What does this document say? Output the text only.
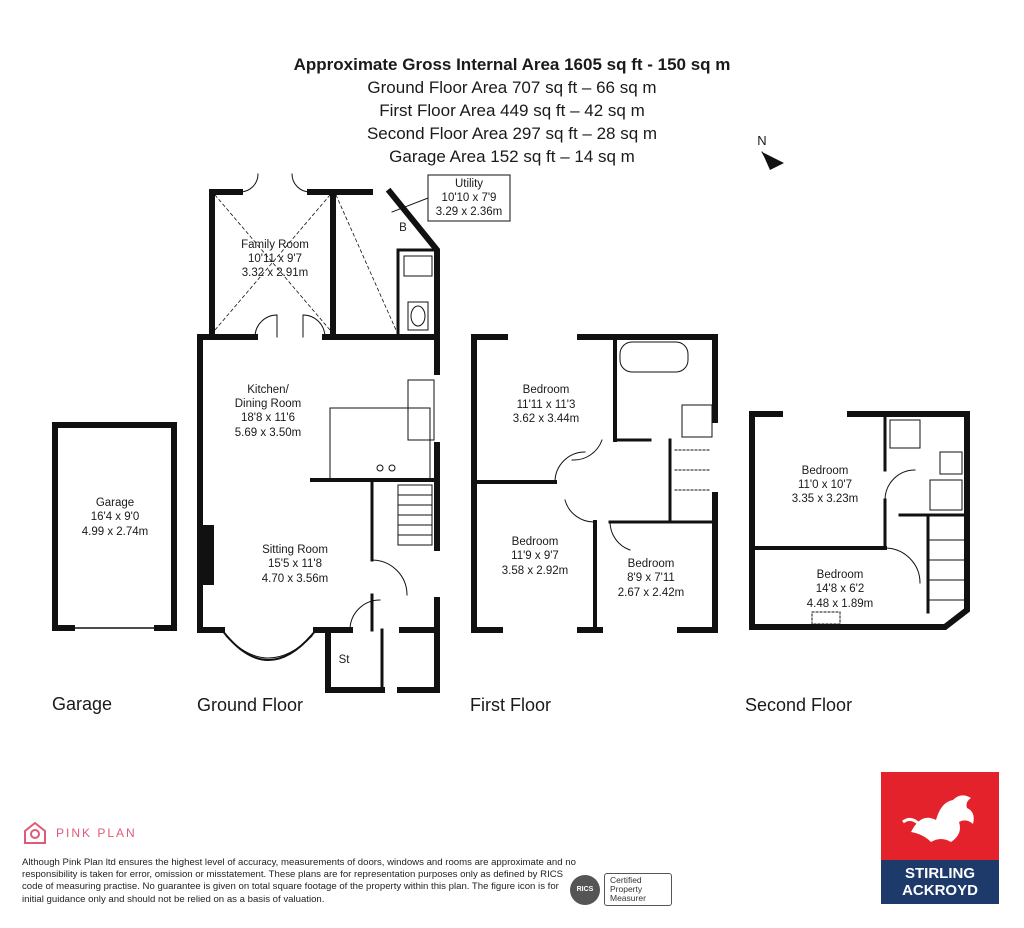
Approximate Gross Internal Area 1605 sq ft - 150 sq m
Ground Floor Area 707 sq ft – 66 sq m
First Floor Area 449 sq ft – 42 sq m
Second Floor Area 297 sq ft – 28 sq m
Garage Area 152 sq ft – 14 sq m
Utility
10'10 x 7'9
3.29 x 2.36m
B
Family Room
10'11 x 9'7
3.32 x 2.91m
Kitchen/
Dining Room
18'8 x 11'6
5.69 x 3.50m
Sitting Room
15'5 x 11'8
4.70 x 3.56m
St
Garage
16'4 x 9'0
4.99 x 2.74m
Bedroom
11'11 x 11'3
3.62 x 3.44m
Bedroom
11'9 x 9'7
3.58 x 2.92m
Bedroom
8'9 x 7'11
2.67 x 2.42m
Bedroom
11'0 x 10'7
3.35 x 3.23m
Bedroom
14'8 x 6'2
4.48 x 1.89m
N
Garage	Ground Floor	First Floor	Second Floor
PINK PLAN
Although Pink Plan ltd ensures the highest level of accuracy, measurements of doors, windows and rooms are approximate and no responsibility is taken for error, omission or misstatement. These plans are for representation purposes only as defined by RICS code of measuring practise. No guarantee is given on total square footage of the property within this plan. The figure icon is for initial guidance only and should not be relied on as a basis of valuation.
RICS
Certified Property Measurer
STIRLING
ACKROYD
